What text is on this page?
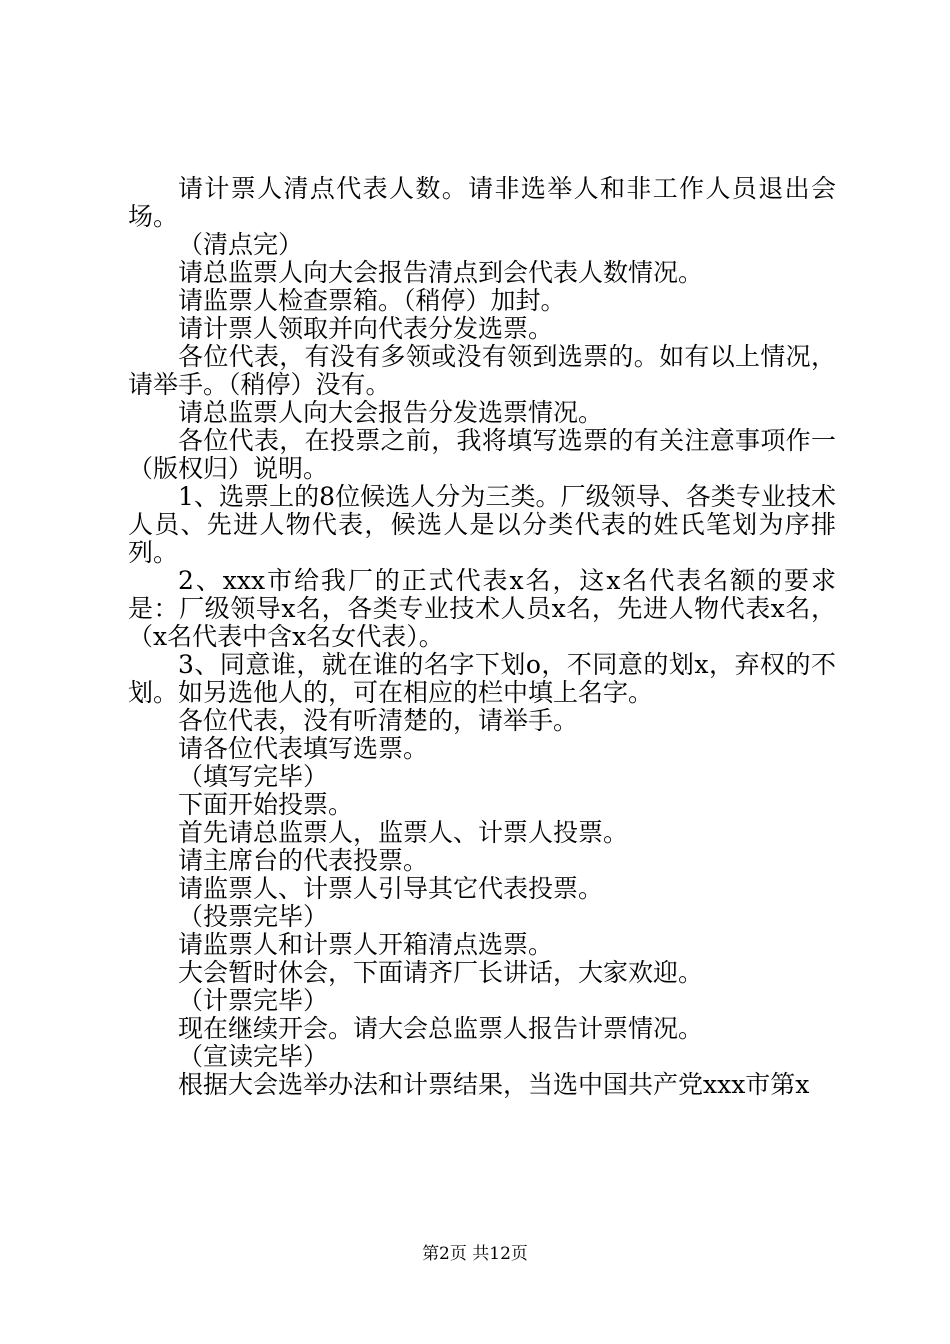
请计票人清点代表人数。请非选举人和非工作人员退出会场。

（清点完）

请总监票人向大会报告清点到会代表人数情况。

请监票人检查票箱。（稍停）加封。

请计票人领取并向代表分发选票。

各位代表，有没有多领或没有领到选票的。如有以上情况，请举手。（稍停）没有。

请总监票人向大会报告分发选票情况。

各位代表，在投票之前，我将填写选票的有关注意事项作一（版权归）说明。

1、选票上的8位候选人分为三类。厂级领导、各类专业技术人员、先进人物代表，候选人是以分类代表的姓氏笔划为序排列。

2、xxx市给我厂的正式代表x名，这x名代表名额的要求是：厂级领导x名，各类专业技术人员x名，先进人物代表x名，（x名代表中含x名女代表）。

3、同意谁，就在谁的名字下划o，不同意的划x，弃权的不划。如另选他人的，可在相应的栏中填上名字。

各位代表，没有听清楚的，请举手。

请各位代表填写选票。

（填写完毕）

下面开始投票。

首先请总监票人，监票人、计票人投票。

请主席台的代表投票。

请监票人、计票人引导其它代表投票。

（投票完毕）

请监票人和计票人开箱清点选票。

大会暂时休会，下面请齐厂长讲话，大家欢迎。

（计票完毕）

现在继续开会。请大会总监票人报告计票情况。

（宣读完毕）

根据大会选举办法和计票结果，当选中国共产党xxx市第x

第2页 共12页
